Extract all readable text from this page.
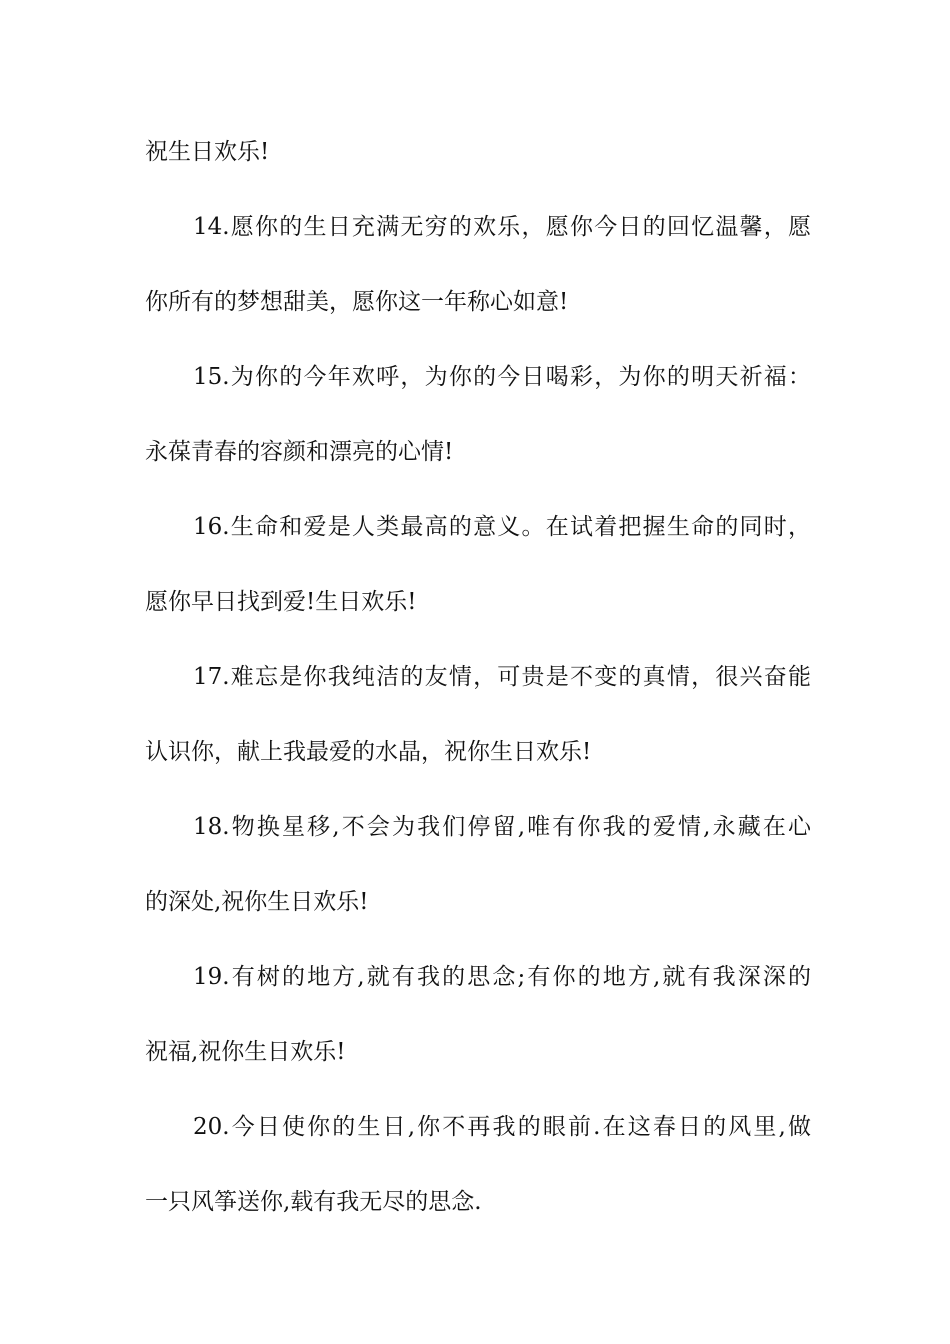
祝生日欢乐!
14.愿你的生日充满无穷的欢乐，愿你今日的回忆温馨，愿
你所有的梦想甜美，愿你这一年称心如意!
15.为你的今年欢呼，为你的今日喝彩，为你的明天祈福：
永葆青春的容颜和漂亮的心情!
16.生命和爱是人类最高的意义。在试着把握生命的同时，
愿你早日找到爱!生日欢乐!
17.难忘是你我纯洁的友情，可贵是不变的真情，很兴奋能
认识你，献上我最爱的水晶，祝你生日欢乐!
18.物换星移,不会为我们停留,唯有你我的爱情,永藏在心
的深处,祝你生日欢乐!
19.有树的地方,就有我的思念;有你的地方,就有我深深的
祝福,祝你生日欢乐!
20.今日使你的生日,你不再我的眼前.在这春日的风里,做
一只风筝送你,载有我无尽的思念.
